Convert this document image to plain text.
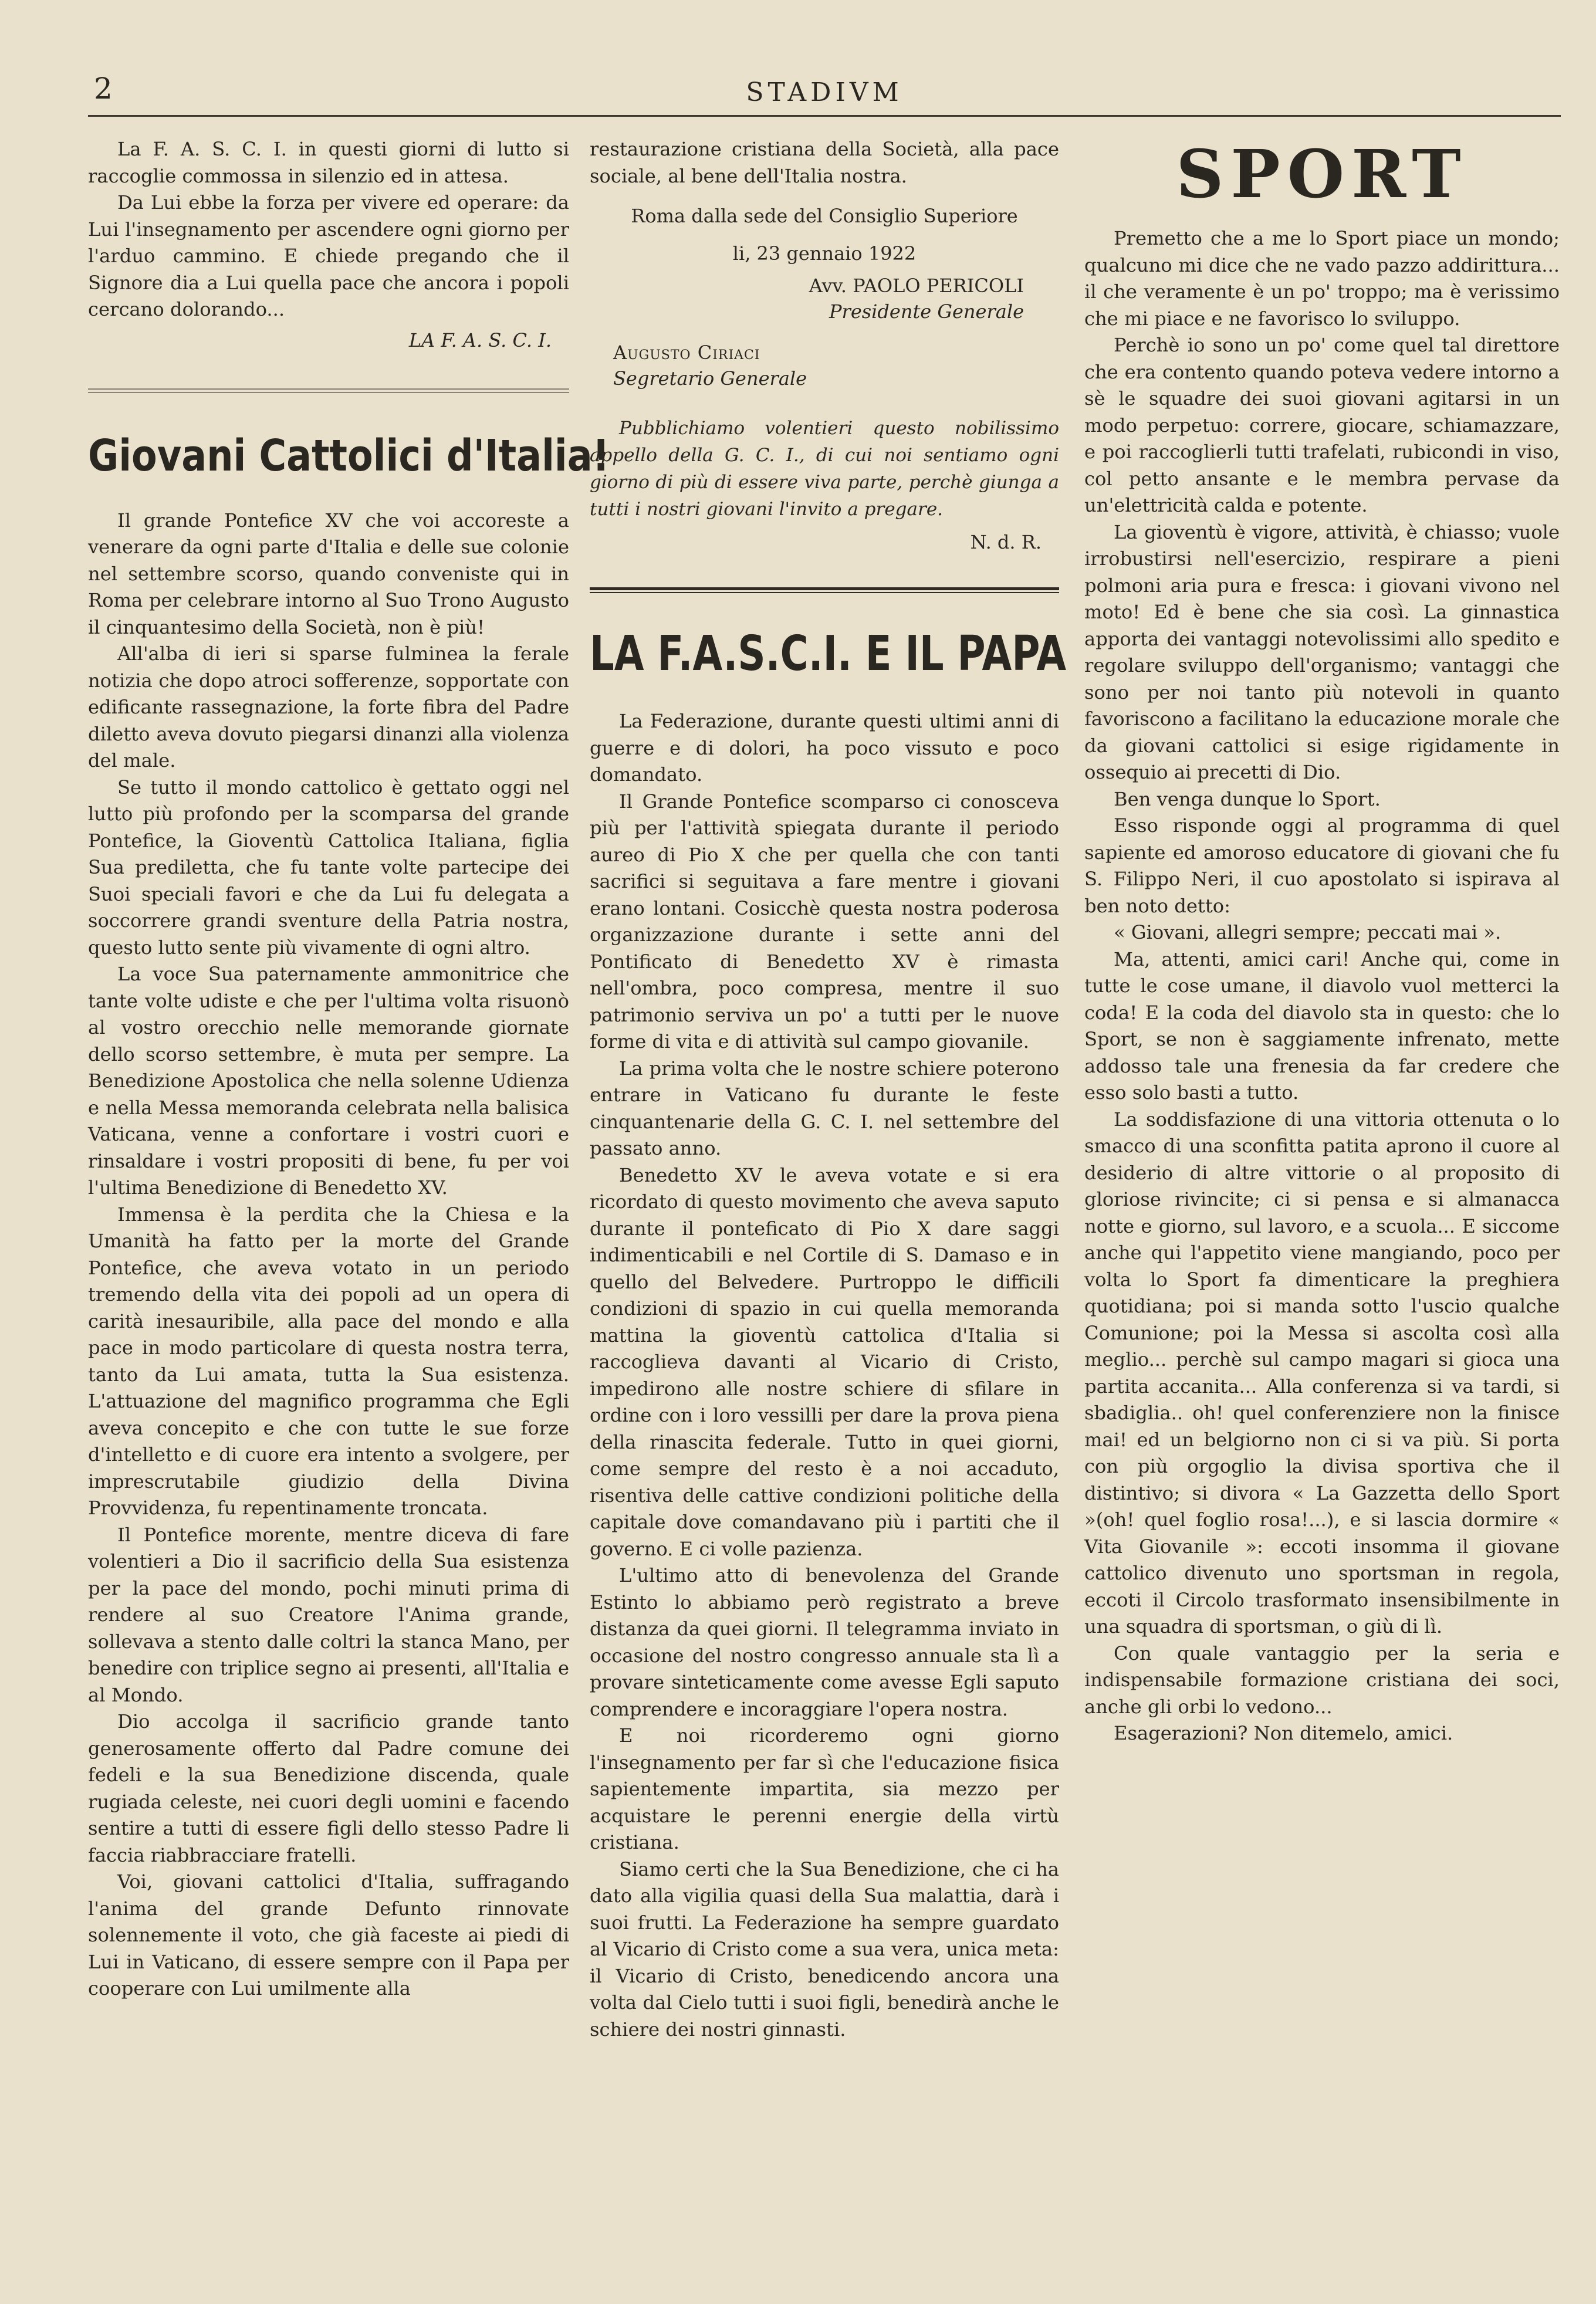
2	STADIVM

La F. A. S. C. I. in questi giorni di lutto si raccoglie commossa in silenzio ed in attesa.

Da Lui ebbe la forza per vivere ed operare: da Lui l'insegnamento per ascendere ogni giorno per l'arduo cammino. E chiede pregando che il Signore dia a Lui quella pace che ancora i popoli cercano dolorando...

LA F. A. S. C. I.
Giovani Cattolici d'Italia!

Il grande Pontefice XV che voi accoreste a venerare da ogni parte d'Italia e delle sue colonie nel settembre scorso, quando conveniste qui in Roma per celebrare intorno al Suo Trono Augusto il cinquantesimo della Società, non è più!

All'alba di ieri si sparse fulminea la ferale notizia che dopo atroci sofferenze, sopportate con edificante rassegnazione, la forte fibra del Padre diletto aveva dovuto piegarsi dinanzi alla violenza del male.

Se tutto il mondo cattolico è gettato oggi nel lutto più profondo per la scomparsa del grande Pontefice, la Gioventù Cattolica Italiana, figlia Sua prediletta, che fu tante volte partecipe dei Suoi speciali favori e che da Lui fu delegata a soccorrere grandi sventure della Patria nostra, questo lutto sente più vivamente di ogni altro.

La voce Sua paternamente ammonitrice che tante volte udiste e che per l'ultima volta risuonò al vostro orecchio nelle memorande giornate dello scorso settembre, è muta per sempre. La Benedizione Apostolica che nella solenne Udienza e nella Messa memoranda celebrata nella balisica Vaticana, venne a confortare i vostri cuori e rinsaldare i vostri propositi di bene, fu per voi l'ultima Benedizione di Benedetto XV.

Immensa è la perdita che la Chiesa e la Umanità ha fatto per la morte del Grande Pontefice, che aveva votato in un periodo tremendo della vita dei popoli ad un opera di carità inesauribile, alla pace del mondo e alla pace in modo particolare di questa nostra terra, tanto da Lui amata, tutta la Sua esistenza. L'attuazione del magnifico programma che Egli aveva concepito e che con tutte le sue forze d'intelletto e di cuore era intento a svolgere, per imprescrutabile giudizio della Divina Provvidenza, fu repentinamente troncata.

Il Pontefice morente, mentre diceva di fare volentieri a Dio il sacrificio della Sua esistenza per la pace del mondo, pochi minuti prima di rendere al suo Creatore l'Anima grande, sollevava a stento dalle coltri la stanca Mano, per benedire con triplice segno ai presenti, all'Italia e al Mondo.

Dio accolga il sacrificio grande tanto generosamente offerto dal Padre comune dei fedeli e la sua Benedizione discenda, quale rugiada celeste, nei cuori degli uomini e facendo sentire a tutti di essere figli dello stesso Padre li faccia riabbracciare fratelli.

Voi, giovani cattolici d'Italia, suffragando l'anima del grande Defunto rinnovate solennemente il voto, che già faceste ai piedi di Lui in Vaticano, di essere sempre con il Papa per cooperare con Lui umilmente alla

restaurazione cristiana della Società, alla pace sociale, al bene dell'Italia nostra.

Roma dalla sede del Consiglio Superiore
li, 23 gennaio 1922
Avv. PAOLO PERICOLI
Presidente Generale
Augusto Ciriaci
Segretario Generale
Pubblichiamo volentieri questo nobilissimo appello della G. C. I., di cui noi sentiamo ogni giorno di più di essere viva parte, perchè giunga a tutti i nostri giovani l'invito a pregare.
N. d. R.
LA F.A.S.C.I. E IL PAPA

La Federazione, durante questi ultimi anni di guerre e di dolori, ha poco vissuto e poco domandato.

Il Grande Pontefice scomparso ci conosceva più per l'attività spiegata durante il periodo aureo di Pio X che per quella che con tanti sacrifici si seguitava a fare mentre i giovani erano lontani. Cosicchè questa nostra poderosa organizzazione durante i sette anni del Pontificato di Benedetto XV è rimasta nell'ombra, poco compresa, mentre il suo patrimonio serviva un po' a tutti per le nuove forme di vita e di attività sul campo giovanile.

La prima volta che le nostre schiere poterono entrare in Vaticano fu durante le feste cinquantenarie della G. C. I. nel settembre del passato anno.

Benedetto XV le aveva votate e si era ricordato di questo movimento che aveva saputo durante il ponteficato di Pio X dare saggi indimenticabili e nel Cortile di S. Damaso e in quello del Belvedere. Purtroppo le difficili condizioni di spazio in cui quella memoranda mattina la gioventù cattolica d'Italia si raccoglieva davanti al Vicario di Cristo, impedirono alle nostre schiere di sfilare in ordine con i loro vessilli per dare la prova piena della rinascita federale. Tutto in quei giorni, come sempre del resto è a noi accaduto, risentiva delle cattive condizioni politiche della capitale dove comandavano più i partiti che il governo. E ci volle pazienza.

L'ultimo atto di benevolenza del Grande Estinto lo abbiamo però registrato a breve distanza da quei giorni. Il telegramma inviato in occasione del nostro congresso annuale sta lì a provare sinteticamente come avesse Egli saputo comprendere e incoraggiare l'opera nostra.

E noi ricorderemo ogni giorno l'insegnamento per far sì che l'educazione fisica sapientemente impartita, sia mezzo per acquistare le perenni energie della virtù cristiana.

Siamo certi che la Sua Benedizione, che ci ha dato alla vigilia quasi della Sua malattia, darà i suoi frutti. La Federazione ha sempre guardato al Vicario di Cristo come a sua vera, unica meta: il Vicario di Cristo, benedicendo ancora una volta dal Cielo tutti i suoi figli, benedirà anche le schiere dei nostri ginnasti.

SPORT

Premetto che a me lo Sport piace un mondo; qualcuno mi dice che ne vado pazzo addirittura... il che veramente è un po' troppo; ma è verissimo che mi piace e ne favorisco lo sviluppo.

Perchè io sono un po' come quel tal direttore che era contento quando poteva vedere intorno a sè le squadre dei suoi giovani agitarsi in un modo perpetuo: correre, giocare, schiamazzare, e poi raccoglierli tutti trafelati, rubicondi in viso, col petto ansante e le membra pervase da un'elettricità calda e potente.

La gioventù è vigore, attività, è chiasso; vuole irrobustirsi nell'esercizio, respirare a pieni polmoni aria pura e fresca: i giovani vivono nel moto! Ed è bene che sia così. La ginnastica apporta dei vantaggi notevolissimi allo spedito e regolare sviluppo dell'organismo; vantaggi che sono per noi tanto più notevoli in quanto favoriscono a facilitano la educazione morale che da giovani cattolici si esige rigidamente in ossequio ai precetti di Dio.

Ben venga dunque lo Sport.

Esso risponde oggi al programma di quel sapiente ed amoroso educatore di giovani che fu S. Filippo Neri, il cuo apostolato si ispirava al ben noto detto:

« Giovani, allegri sempre; peccati mai ».

Ma, attenti, amici cari! Anche qui, come in tutte le cose umane, il diavolo vuol metterci la coda! E la coda del diavolo sta in questo: che lo Sport, se non è saggiamente infrenato, mette addosso tale una frenesia da far credere che esso solo basti a tutto.

La soddisfazione di una vittoria ottenuta o lo smacco di una sconfitta patita aprono il cuore al desiderio di altre vittorie o al proposito di gloriose rivincite; ci si pensa e si almanacca notte e giorno, sul lavoro, e a scuola... E siccome anche qui l'appetito viene mangiando, poco per volta lo Sport fa dimenticare la preghiera quotidiana; poi si manda sotto l'uscio qualche Comunione; poi la Messa si ascolta così alla meglio... perchè sul campo magari si gioca una partita accanita... Alla conferenza si va tardi, si sbadiglia.. oh! quel conferenziere non la finisce mai! ed un belgiorno non ci si va più. Si porta con più orgoglio la divisa sportiva che il distintivo; si divora « La Gazzetta dello Sport »(oh! quel foglio rosa!...), e si lascia dormire « Vita Giovanile »: eccoti insomma il giovane cattolico divenuto uno sportsman in regola, eccoti il Circolo trasformato insensibilmente in una squadra di sportsman, o giù di lì.

Con quale vantaggio per la seria e indispensabile formazione cristiana dei soci, anche gli orbi lo vedono...

Esagerazioni? Non ditemelo, amici.
